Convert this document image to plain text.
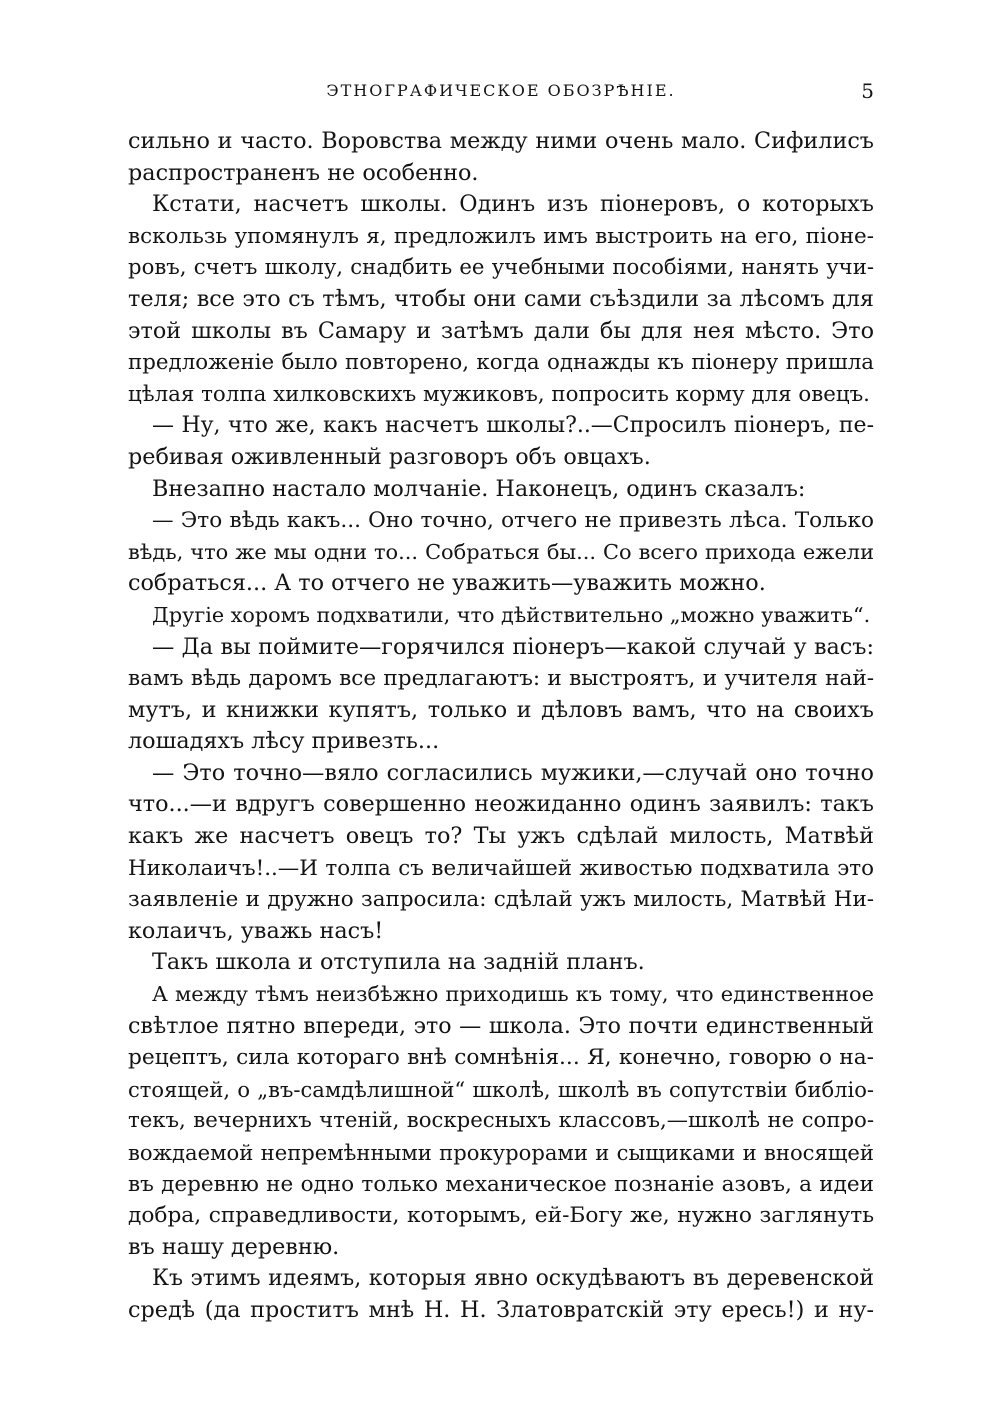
ЭТНОГРАФИЧЕСКОЕ ОБОЗРѢНІЕ.	5
сильно и часто. Воровства между ними очень мало. Сифилисъ
распространенъ не особенно.
Кстати, насчетъ школы. Одинъ изъ піонеровъ, о которыхъ
вскользь упомянулъ я, предложилъ имъ выстроить на его, піоне-
ровъ, счетъ школу, снадбить ее учебными пособіями, нанять учи-
теля; все это съ тѣмъ, чтобы они сами съѣздили за лѣсомъ для
этой школы въ Самару и затѣмъ дали бы для нея мѣсто. Это
предложеніе было повторено, когда однажды къ піонеру пришла
цѣлая толпа хилковскихъ мужиковъ, попросить корму для овецъ.
— Ну, что же, какъ насчетъ школы?..—Спросилъ піонеръ, пе-
ребивая оживленный разговоръ объ овцахъ.
Внезапно настало молчаніе. Наконецъ, одинъ сказалъ:
— Это вѣдь какъ... Оно точно, отчего не привезть лѣса. Только
вѣдь, что же мы одни то... Собраться бы... Со всего прихода ежели
собраться... А то отчего не уважить—уважить можно.
Другіе хоромъ подхватили, что дѣйствительно „можно уважить“.
— Да вы поймите—горячился піонеръ—какой случай у васъ:
вамъ вѣдь даромъ все предлагаютъ: и выстроятъ, и учителя най-
мутъ, и книжки купятъ, только и дѣловъ вамъ, что на своихъ
лошадяхъ лѣсу привезть...
— Это точно—вяло согласились мужики,—случай оно точно
что...—и вдругъ совершенно неожиданно одинъ заявилъ: такъ
какъ же насчетъ овецъ то? Ты ужъ сдѣлай милость, Матвѣй
Николаичъ!..—И толпа съ величайшей живостью подхватила это
заявленіе и дружно запросила: сдѣлай ужъ милость, Матвѣй Ни-
колаичъ, уважь насъ!
Такъ школа и отступила на задній планъ.
А между тѣмъ неизбѣжно приходишь къ тому, что единственное
свѣтлое пятно впереди, это — школа. Это почти единственный
рецептъ, сила котораго внѣ сомнѣнія... Я, конечно, говорю о на-
стоящей, о „въ-самдѣлишной“ школѣ, школѣ въ сопутствіи библіо-
текъ, вечернихъ чтеній, воскресныхъ классовъ,—школѣ не сопро-
вождаемой непремѣнными прокурорами и сыщиками и вносящей
въ деревню не одно только механическое познаніе азовъ, а идеи
добра, справедливости, которымъ, ей-Богу же, нужно заглянуть
въ нашу деревню.
Къ этимъ идеямъ, которыя явно оскудѣваютъ въ деревенской
средѣ (да проститъ мнѣ Н. Н. Златовратскій эту ересь!) и ну-
